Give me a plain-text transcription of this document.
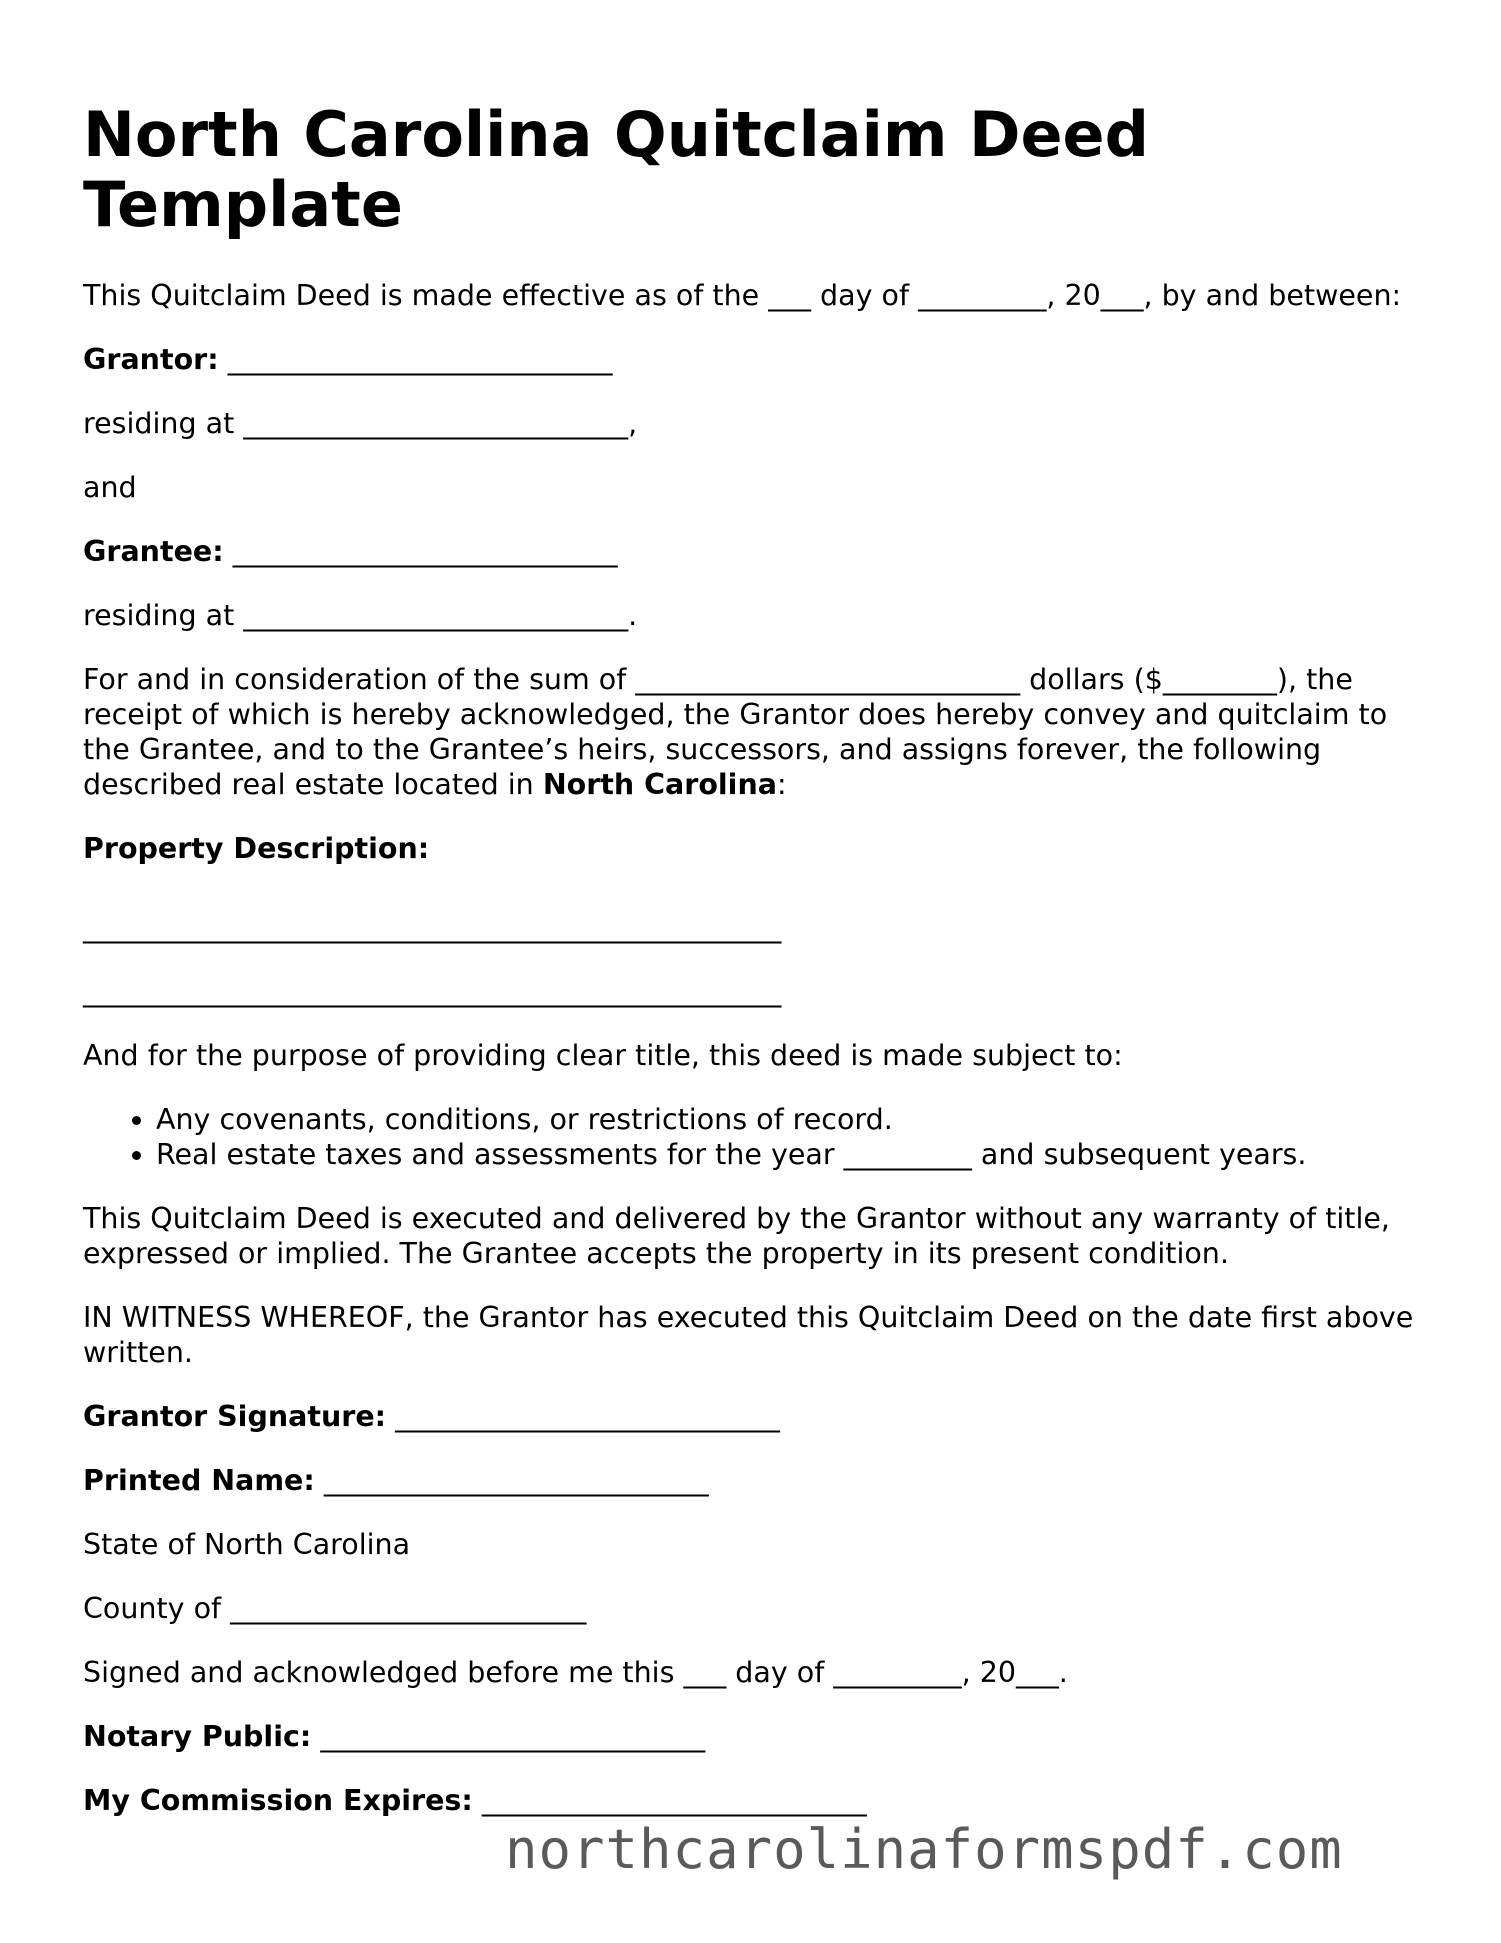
North Carolina Quitclaim Deed Template

This Quitclaim Deed is made effective as of the ___ day of _________, 20___, by and between:

Grantor: ___________________________

residing at ___________________________,

and

Grantee: ___________________________

residing at ___________________________.

For and in consideration of the sum of ___________________________ dollars ($________), the receipt of which is hereby acknowledged, the Grantor does hereby convey and quitclaim to the Grantee, and to the Grantee’s heirs, successors, and assigns forever, the following described real estate located in North Carolina:

Property Description:

_________________________________________________
_________________________________________________

And for the purpose of providing clear title, this deed is made subject to:

• Any covenants, conditions, or restrictions of record.
• Real estate taxes and assessments for the year _________ and subsequent years.

This Quitclaim Deed is executed and delivered by the Grantor without any warranty of title, expressed or implied. The Grantee accepts the property in its present condition.

IN WITNESS WHEREOF, the Grantor has executed this Quitclaim Deed on the date first above written.

Grantor Signature: ___________________________

Printed Name: ___________________________

State of North Carolina

County of _________________________

Signed and acknowledged before me this ___ day of _________, 20___.

Notary Public: ___________________________

My Commission Expires: ___________________________

northcarolinaformspdf.com
